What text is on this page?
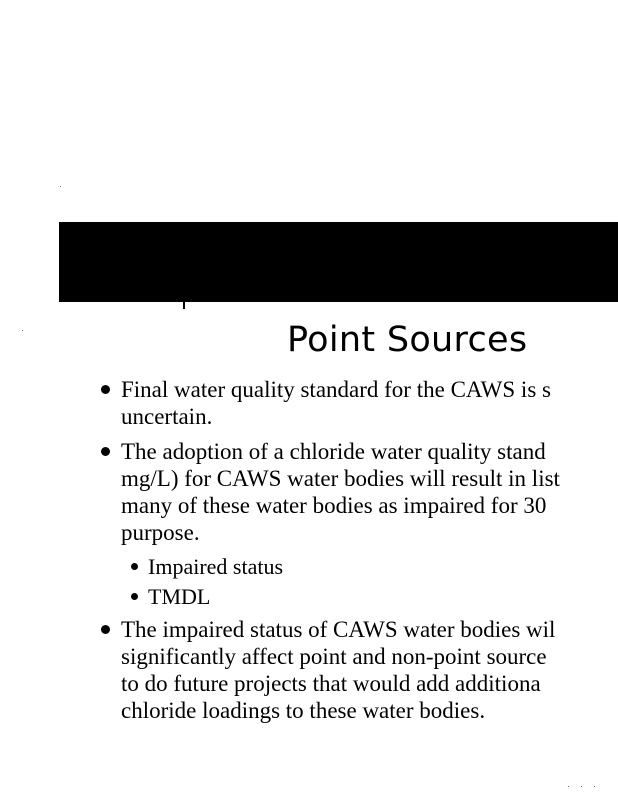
Point Sources
Final water quality standard for the CAWS is s
uncertain.
The adoption of a chloride water quality stand
mg/L) for CAWS water bodies will result in list
many of these water bodies as impaired for 30
purpose.
Impaired status
TMDL
The impaired status of CAWS water bodies wil
significantly affect point and non-point source
to do future projects that would add additiona
chloride loadings to these water bodies.
